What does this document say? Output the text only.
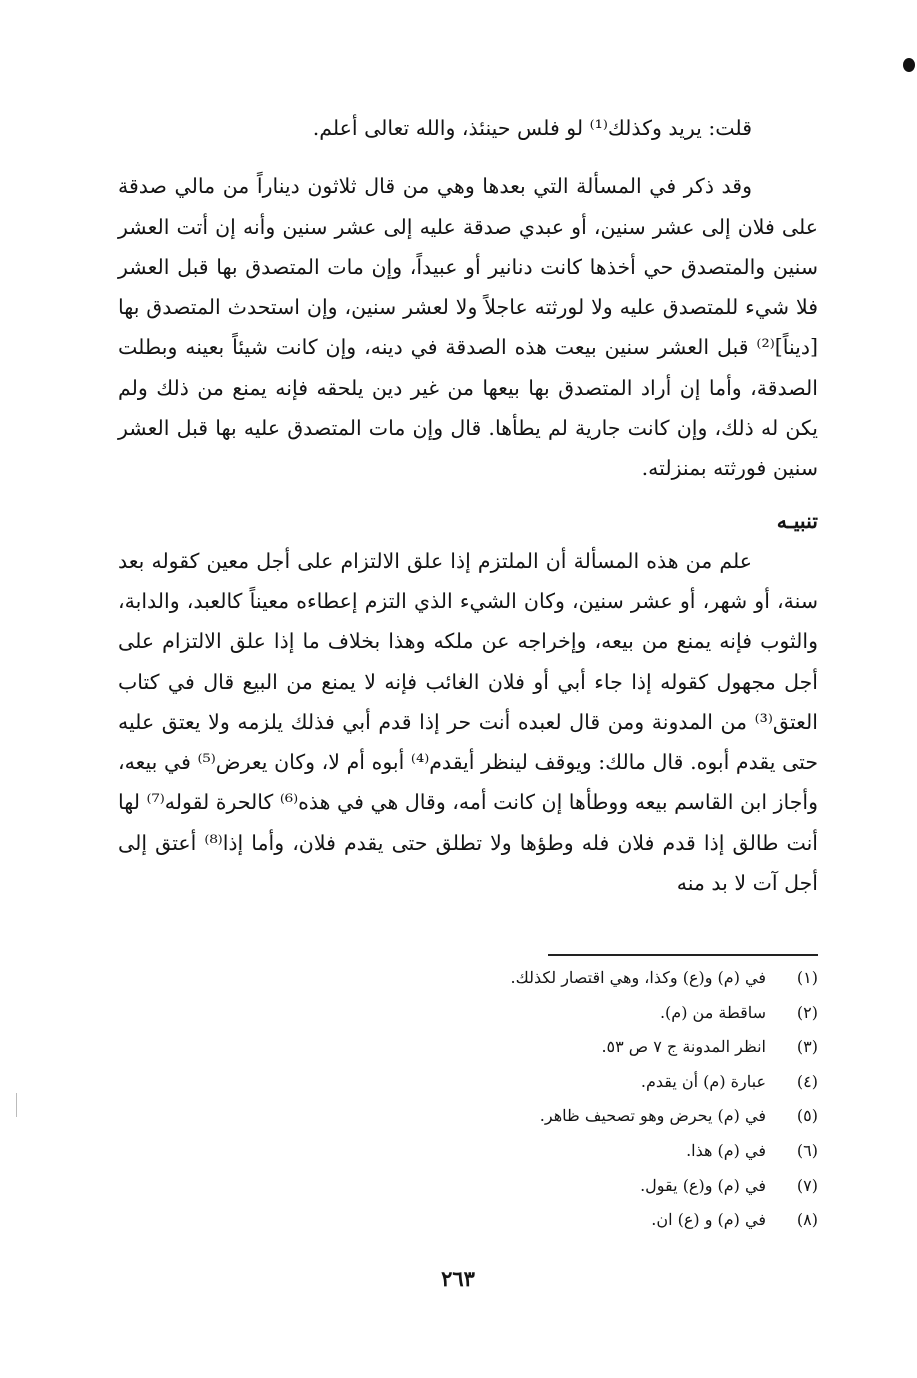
قلت: يريد وكذلك⁽¹⁾ لو فلس حينئذ، والله تعالى أعلم.

وقد ذكر في المسألة التي بعدها وهي من قال ثلاثون ديناراً من مالي صدقة على فلان إلى عشر سنين، أو عبدي صدقة عليه إلى عشر سنين وأنه إن أتت العشر سنين والمتصدق حي أخذها كانت دنانير أو عبيداً، وإن مات المتصدق بها قبل العشر فلا شيء للمتصدق عليه ولا لورثته عاجلاً ولا لعشر سنين، وإن استحدث المتصدق بها [ديناً]⁽²⁾ قبل العشر سنين بيعت هذه الصدقة في دينه، وإن كانت شيئاً بعينه وبطلت الصدقة، وأما إن أراد المتصدق بها بيعها من غير دين يلحقه فإنه يمنع من ذلك ولم يكن له ذلك، وإن كانت جارية لم يطأها. قال وإن مات المتصدق عليه بها قبل العشر سنين فورثته بمنزلته.

تنبيـه

علم من هذه المسألة أن الملتزم إذا علق الالتزام على أجل معين كقوله بعد سنة، أو شهر، أو عشر سنين، وكان الشيء الذي التزم إعطاءه معيناً كالعبد، والدابة، والثوب فإنه يمنع من بيعه، وإخراجه عن ملكه وهذا بخلاف ما إذا علق الالتزام على أجل مجهول كقوله إذا جاء أبي أو فلان الغائب فإنه لا يمنع من البيع قال في كتاب العتق⁽³⁾ من المدونة ومن قال لعبده أنت حر إذا قدم أبي فذلك يلزمه ولا يعتق عليه حتى يقدم أبوه. قال مالك: ويوقف لينظر أيقدم⁽⁴⁾ أبوه أم لا، وكان يعرض⁽⁵⁾ في بيعه، وأجاز ابن القاسم بيعه ووطأها إن كانت أمه، وقال هي في هذه⁽⁶⁾ كالحرة لقوله⁽⁷⁾ لها أنت طالق إذا قدم فلان فله وطؤها ولا تطلق حتى يقدم فلان، وأما إذا⁽⁸⁾ أعتق إلى أجل آت لا بد منه

(١)
في (م) و(ع) وكذا، وهي اقتصار لكذلك.
(٢)
ساقطة من (م).
(٣)
انظر المدونة ج ٧ ص ٥٣.
(٤)
عبارة (م) أن يقدم.
(٥)
في (م) يحرض وهو تصحيف ظاهر.
(٦)
في (م) هذا.
(٧)
في (م) و(ع) يقول.
(٨)
في (م) و (ع) ان.
٢٦٣
